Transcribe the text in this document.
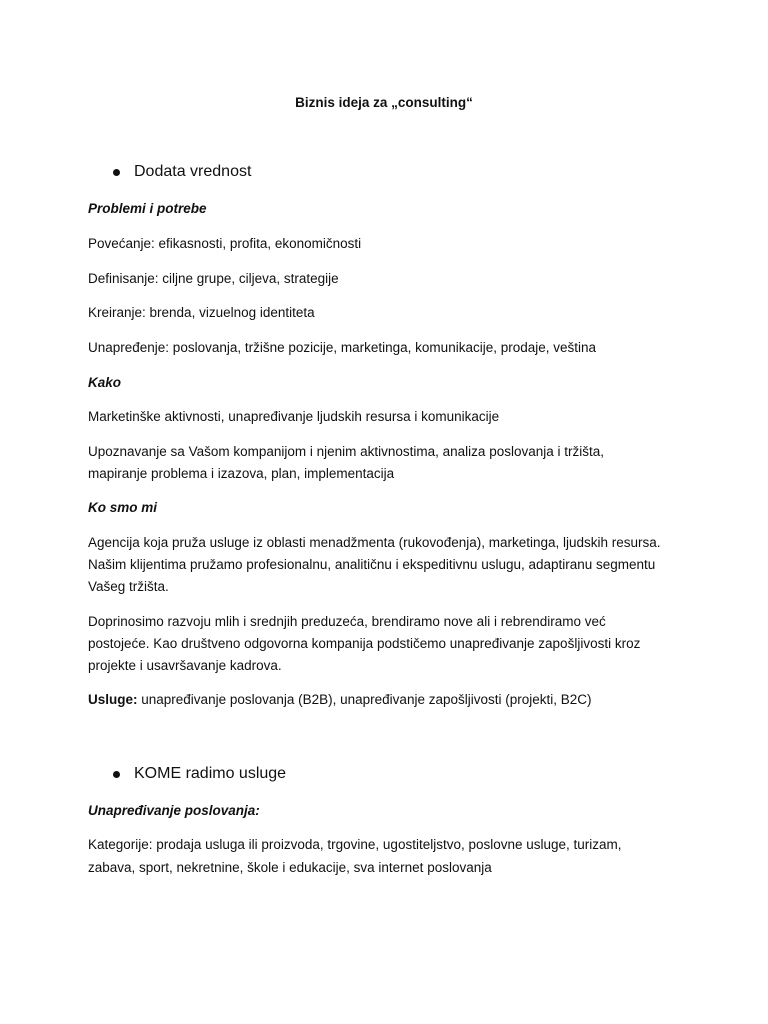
Biznis ideja za „consulting“
Dodata vrednost
Problemi i potrebe
Povećanje: efikasnosti, profita, ekonomičnosti
Definisanje: ciljne grupe, ciljeva, strategije
Kreiranje: brenda, vizuelnog identiteta
Unapređenje: poslovanja, tržišne pozicije, marketinga, komunikacije, prodaje, veština
Kako
Marketinške aktivnosti, unapređivanje ljudskih resursa i komunikacije
Upoznavanje sa Vašom kompanijom i njenim aktivnostima, analiza poslovanja i tržišta,
mapiranje problema i izazova, plan, implementacija
Ko smo mi
Agencija koja pruža usluge iz oblasti menadžmenta (rukovođenja), marketinga, ljudskih resursa.
Našim klijentima pružamo profesionalnu, analitičnu i ekspeditivnu uslugu, adaptiranu segmentu
Vašeg tržišta.
Doprinosimo razvoju mlih i srednjih preduzeća, brendiramo nove ali i rebrendiramo već
postojeće. Kao društveno odgovorna kompanija podstičemo unapređivanje zapošljivosti kroz
projekte i usavršavanje kadrova.
Usluge: unapređivanje poslovanja (B2B), unapređivanje zapošljivosti (projekti, B2C)
KOME radimo usluge
Unapređivanje poslovanja:
Kategorije: prodaja usluga ili proizvoda, trgovine, ugostiteljstvo, poslovne usluge, turizam,
zabava, sport, nekretnine, škole i edukacije, sva internet poslovanja
